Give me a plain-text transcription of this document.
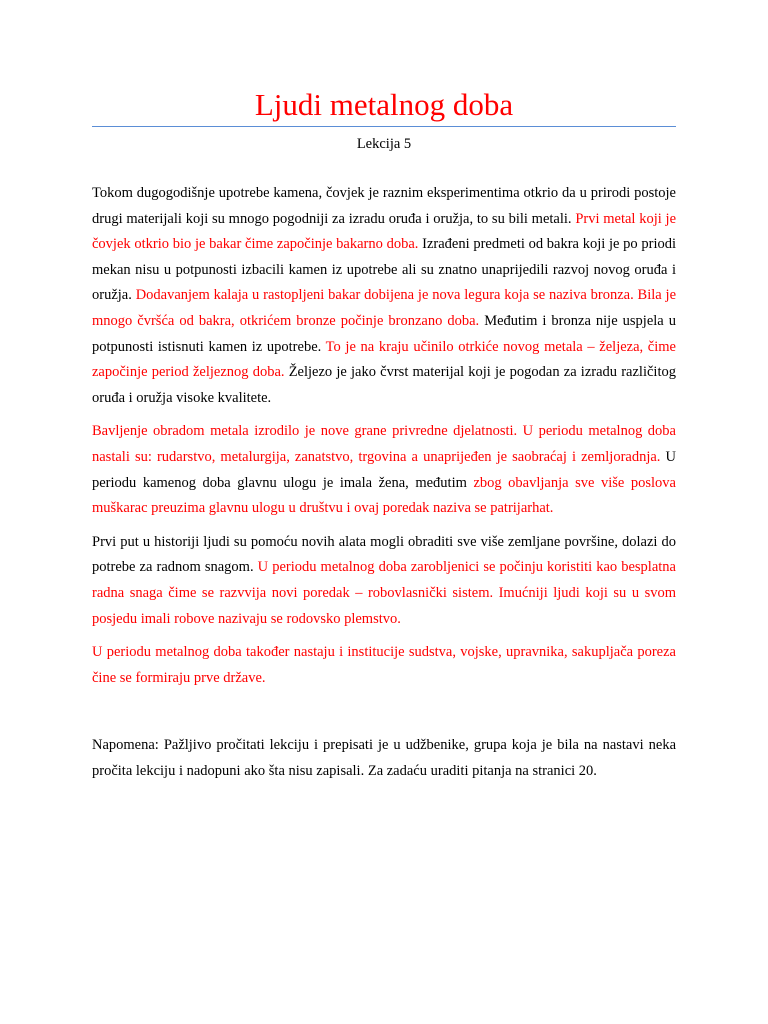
Ljudi metalnog doba
Lekcija 5

Tokom dugogodišnje upotrebe kamena, čovjek je raznim eksperimentima otkrio da u prirodi postoje drugi materijali koji su mnogo pogodniji za izradu oruđa i oružja, to su bili metali. Prvi metal koji je čovjek otkrio bio je bakar čime započinje bakarno doba. Izrađeni predmeti od bakra koji je po priodi mekan nisu u potpunosti izbacili kamen iz upotrebe ali su znatno unaprijedili razvoj novog oruđa i oružja. Dodavanjem kalaja u rastopljeni bakar dobijena je nova legura koja se naziva bronza. Bila je mnogo čvršća od bakra, otkrićem bronze počinje bronzano doba. Međutim i bronza nije uspjela u potpunosti istisnuti kamen iz upotrebe. To je na kraju učinilo otrkiće novog metala – željeza, čime započinje period željeznog doba. Željezo je jako čvrst materijal koji je pogodan za izradu različitog oruđa i oružja visoke kvalitete.

Bavljenje obradom metala izrodilo je nove grane privredne djelatnosti. U periodu metalnog doba nastali su: rudarstvo, metalurgija, zanatstvo, trgovina a unaprijeđen je saobraćaj i zemljoradnja. U periodu kamenog doba glavnu ulogu je imala žena, međutim zbog obavljanja sve više poslova muškarac preuzima glavnu ulogu u društvu i ovaj poredak naziva se patrijarhat.

Prvi put u historiji ljudi su pomoću novih alata mogli obraditi sve više zemljane površine, dolazi do potrebe za radnom snagom. U periodu metalnog doba zarobljenici se počinju koristiti kao besplatna radna snaga čime se razvvija novi poredak – robovlasnički sistem. Imućniji ljudi koji su u svom posjedu imali robove nazivaju se rodovsko plemstvo.

U periodu metalnog doba također nastaju i institucije sudstva, vojske, upravnika, sakupljača poreza čine se formiraju prve države.

Napomena: Pažljivo pročitati lekciju i prepisati je u udžbenike, grupa koja je bila na nastavi neka pročita lekciju i nadopuni ako šta nisu zapisali. Za zadaću uraditi pitanja na stranici 20.
